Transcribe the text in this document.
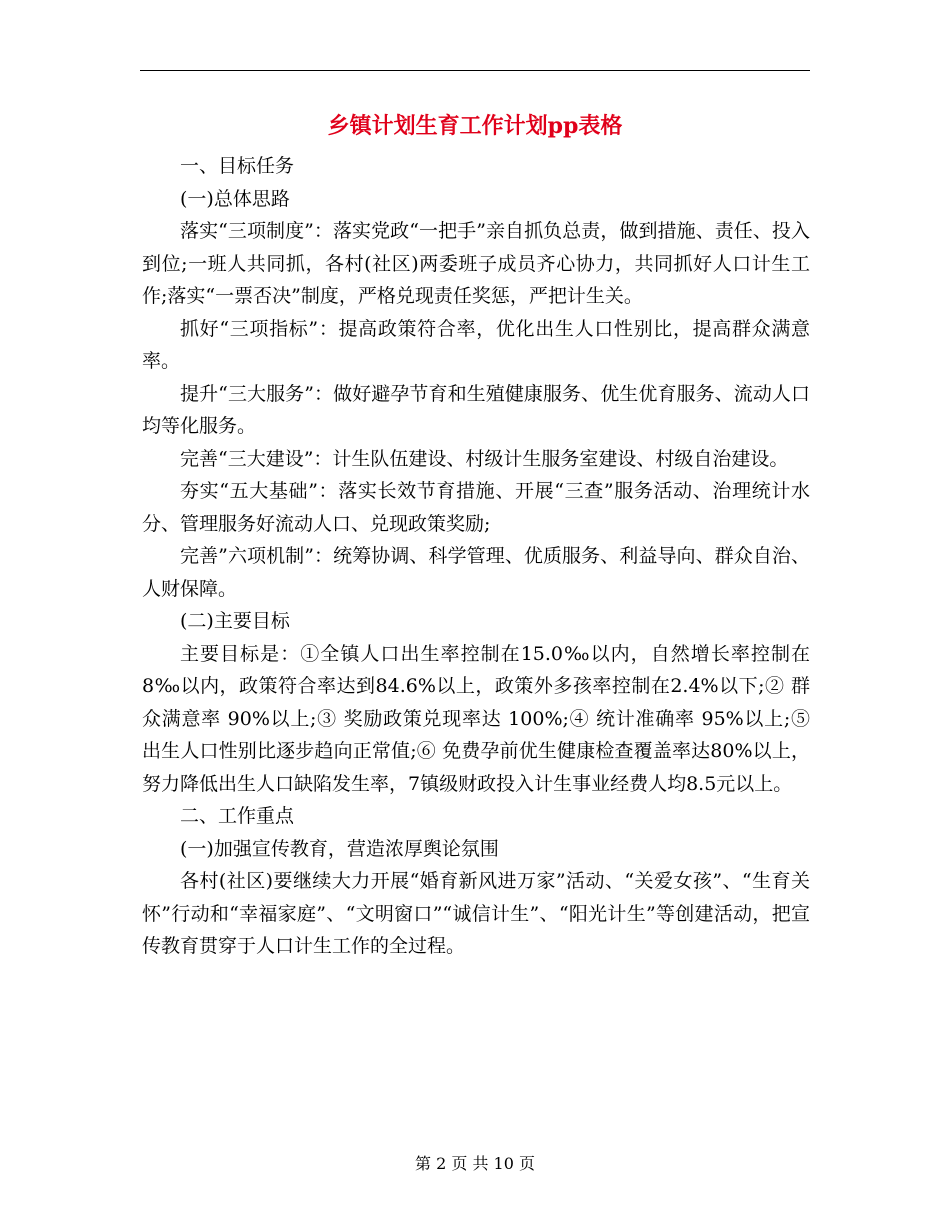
乡镇计划生育工作计划pp表格

一、目标任务

(一)总体思路

落实“三项制度”：落实党政“一把手”亲自抓负总责，做到措施、责任、投入到位;一班人共同抓，各村(社区)两委班子成员齐心协力，共同抓好人口计生工作;落实“一票否决”制度，严格兑现责任奖惩，严把计生关。

抓好“三项指标”：提高政策符合率，优化出生人口性别比，提高群众满意率。

提升“三大服务”：做好避孕节育和生殖健康服务、优生优育服务、流动人口均等化服务。

完善“三大建设”：计生队伍建设、村级计生服务室建设、村级自治建设。

夯实“五大基础”：落实长效节育措施、开展“三查”服务活动、治理统计水分、管理服务好流动人口、兑现政策奖励;

完善”六项机制”：统筹协调、科学管理、优质服务、利益导向、群众自治、人财保障。

(二)主要目标

主要目标是：①全镇人口出生率控制在15.0‰以内，自然增长率控制在8‰以内，政策符合率达到84.6%以上，政策外多孩率控制在2.4%以下;② 群众满意率 90%以上;③ 奖励政策兑现率达 100%;④ 统计准确率 95%以上;⑤ 出生人口性别比逐步趋向正常值;⑥ 免费孕前优生健康检查覆盖率达80%以上，努力降低出生人口缺陷发生率，7镇级财政投入计生事业经费人均8.5元以上。

二、工作重点

(一)加强宣传教育，营造浓厚舆论氛围

各村(社区)要继续大力开展“婚育新风进万家”活动、“关爱女孩”、“生育关怀”行动和“幸福家庭”、“文明窗口”“诚信计生”、“阳光计生”等创建活动，把宣传教育贯穿于人口计生工作的全过程。

第 2 页 共 10 页
